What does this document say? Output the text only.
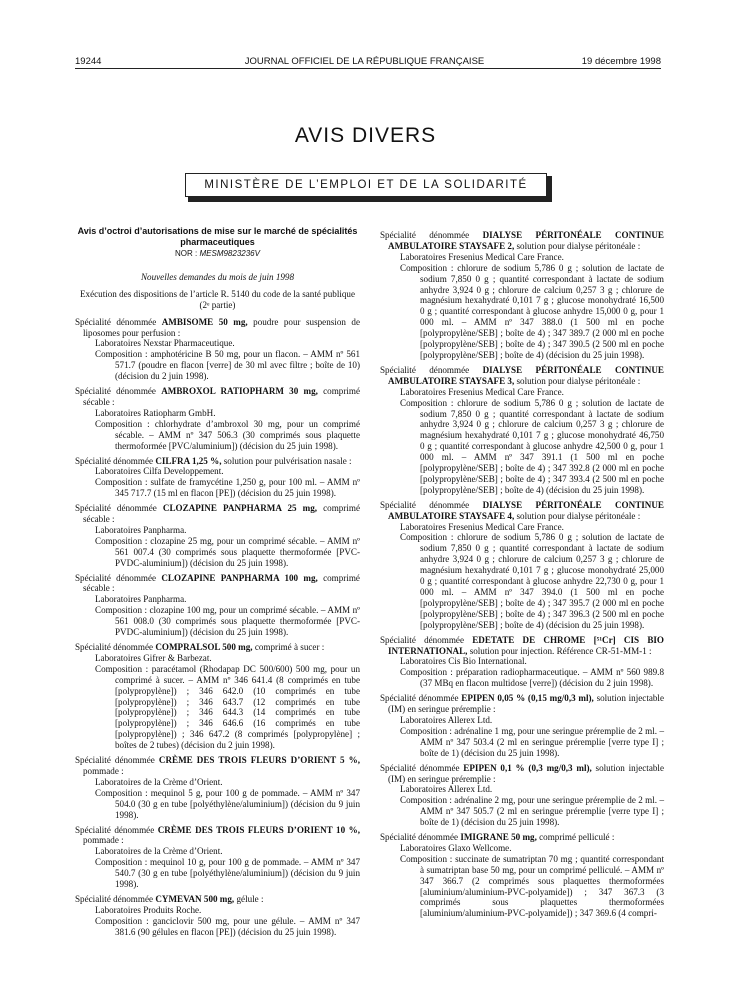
19244	JOURNAL OFFICIEL DE LA RÉPUBLIQUE FRANÇAISE	19 décembre 1998
AVIS DIVERS
MINISTÈRE DE L’EMPLOI ET DE LA SOLIDARITÉ
Avis d’octroi d’autorisations de mise sur le marché de spécialités pharmaceutiques
NOR : MESM9823236V
Nouvelles demandes du mois de juin 1998
Exécution des dispositions de l’article R. 5140 du code de la santé publique (2ᵉ partie)

Spécialité dénommée AMBISOME 50 mg, poudre pour suspension de liposomes pour perfusion :

Laboratoires Nexstar Pharmaceutique.

Composition : amphotéricine B 50 mg, pour un flacon. – AMM nº 561 571.7 (poudre en flacon [verre] de 30 ml avec filtre ; boîte de 10) (décision du 2 juin 1998).

Spécialité dénommée AMBROXOL RATIOPHARM 30 mg, comprimé sécable :

Laboratoires Ratiopharm GmbH.

Composition : chlorhydrate d’ambroxol 30 mg, pour un comprimé sécable. – AMM nº 347 506.3 (30 comprimés sous plaquette thermoformée [PVC/aluminium]) (décision du 25 juin 1998).

Spécialité dénommée CILFRA 1,25 %, solution pour pulvérisation nasale :

Laboratoires Cilfa Developpement.

Composition : sulfate de framycétine 1,250 g, pour 100 ml. – AMM nº 345 717.7 (15 ml en flacon [PE]) (décision du 25 juin 1998).

Spécialité dénommée CLOZAPINE PANPHARMA 25 mg, comprimé sécable :

Laboratoires Panpharma.

Composition : clozapine 25 mg, pour un comprimé sécable. – AMM nº 561 007.4 (30 comprimés sous plaquette thermoformée [PVC-PVDC-aluminium]) (décision du 25 juin 1998).

Spécialité dénommée CLOZAPINE PANPHARMA 100 mg, comprimé sécable :

Laboratoires Panpharma.

Composition : clozapine 100 mg, pour un comprimé sécable. – AMM nº 561 008.0 (30 comprimés sous plaquette thermoformée [PVC-PVDC-aluminium]) (décision du 25 juin 1998).

Spécialité dénommée COMPRALSOL 500 mg, comprimé à sucer :

Laboratoires Gifrer & Barbezat.

Composition : paracétamol (Rhodapap DC 500/600) 500 mg, pour un comprimé à sucer. – AMM nº 346 641.4 (8 comprimés en tube [polypropylène]) ; 346 642.0 (10 comprimés en tube [polypropylène]) ; 346 643.7 (12 comprimés en tube [polypropylène]) ; 346 644.3 (14 comprimés en tube [polypropylène]) ; 346 646.6 (16 comprimés en tube [polypropylène]) ; 346 647.2 (8 comprimés [polypropylène] ; boîtes de 2 tubes) (décision du 2 juin 1998).

Spécialité dénommée CRÈME DES TROIS FLEURS D’ORIENT 5 %, pommade :

Laboratoires de la Crème d’Orient.

Composition : mequinol 5 g, pour 100 g de pommade. – AMM nº 347 504.0 (30 g en tube [polyéthylène/aluminium]) (décision du 9 juin 1998).

Spécialité dénommée CRÈME DES TROIS FLEURS D’ORIENT 10 %, pommade :

Laboratoires de la Crème d’Orient.

Composition : mequinol 10 g, pour 100 g de pommade. – AMM nº 347 540.7 (30 g en tube [polyéthylène/aluminium]) (décision du 9 juin 1998).

Spécialité dénommée CYMEVAN 500 mg, gélule :

Laboratoires Produits Roche.

Composition : ganciclovir 500 mg, pour une gélule. – AMM nº 347 381.6 (90 gélules en flacon [PE]) (décision du 25 juin 1998).

Spécialité dénommée DIALYSE PÉRITONÉALE CONTINUE AMBULATOIRE STAYSAFE 2, solution pour dialyse péritonéale :

Laboratoires Fresenius Medical Care France.

Composition : chlorure de sodium 5,786 0 g ; solution de lactate de sodium 7,850 0 g ; quantité correspondant à lactate de sodium anhydre 3,924 0 g ; chlorure de calcium 0,257 3 g ; chlorure de magnésium hexahydraté 0,101 7 g ; glucose monohydraté 16,500 0 g ; quantité correspondant à glucose anhydre 15,000 0 g, pour 1 000 ml. – AMM nº 347 388.0 (1 500 ml en poche [polypropylène/SEB] ; boîte de 4) ; 347 389.7 (2 000 ml en poche [polypropylène/SEB] ; boîte de 4) ; 347 390.5 (2 500 ml en poche [polypropylène/SEB] ; boîte de 4) (décision du 25 juin 1998).

Spécialité dénommée DIALYSE PÉRITONÉALE CONTINUE AMBULATOIRE STAYSAFE 3, solution pour dialyse péritonéale :

Laboratoires Fresenius Medical Care France.

Composition : chlorure de sodium 5,786 0 g ; solution de lactate de sodium 7,850 0 g ; quantité correspondant à lactate de sodium anhydre 3,924 0 g ; chlorure de calcium 0,257 3 g ; chlorure de magnésium hexahydraté 0,101 7 g ; glucose monohydraté 46,750 0 g ; quantité correspondant à glucose anhydre 42,500 0 g, pour 1 000 ml. – AMM nº 347 391.1 (1 500 ml en poche [polypropylène/SEB] ; boîte de 4) ; 347 392.8 (2 000 ml en poche [polypropylène/SEB] ; boîte de 4) ; 347 393.4 (2 500 ml en poche [polypropylène/SEB] ; boîte de 4) (décision du 25 juin 1998).

Spécialité dénommée DIALYSE PÉRITONÉALE CONTINUE AMBULATOIRE STAYSAFE 4, solution pour dialyse péritonéale :

Laboratoires Fresenius Medical Care France.

Composition : chlorure de sodium 5,786 0 g ; solution de lactate de sodium 7,850 0 g ; quantité correspondant à lactate de sodium anhydre 3,924 0 g ; chlorure de calcium 0,257 3 g ; chlorure de magnésium hexahydraté 0,101 7 g ; glucose monohydraté 25,000 0 g ; quantité correspondant à glucose anhydre 22,730 0 g, pour 1 000 ml. – AMM nº 347 394.0 (1 500 ml en poche [polypropylène/SEB] ; boîte de 4) ; 347 395.7 (2 000 ml en poche [polypropylène/SEB] ; boîte de 4) ; 347 396.3 (2 500 ml en poche [polypropylène/SEB] ; boîte de 4) (décision du 25 juin 1998).

Spécialité dénommée EDETATE DE CHROME [⁵¹Cr] CIS BIO INTERNATIONAL, solution pour injection. Référence CR-51-MM-1 :

Laboratoires Cis Bio International.

Composition : préparation radiopharmaceutique. – AMM nº 560 989.8 (37 MBq en flacon multidose [verre]) (décision du 2 juin 1998).

Spécialité dénommée EPIPEN 0,05 % (0,15 mg/0,3 ml), solution injectable (IM) en seringue préremplie :

Laboratoires Allerex Ltd.

Composition : adrénaline 1 mg, pour une seringue préremplie de 2 ml. – AMM nº 347 503.4 (2 ml en seringue préremplie [verre type I] ; boîte de 1) (décision du 25 juin 1998).

Spécialité dénommée EPIPEN 0,1 % (0,3 mg/0,3 ml), solution injectable (IM) en seringue préremplie :

Laboratoires Allerex Ltd.

Composition : adrénaline 2 mg, pour une seringue préremplie de 2 ml. – AMM nº 347 505.7 (2 ml en seringue préremplie [verre type I] ; boîte de 1) (décision du 25 juin 1998).

Spécialité dénommée IMIGRANE 50 mg, comprimé pelliculé :

Laboratoires Glaxo Wellcome.

Composition : succinate de sumatriptan 70 mg ; quantité correspondant à sumatriptan base 50 mg, pour un comprimé pelliculé. – AMM nº 347 366.7 (2 comprimés sous plaquettes thermoformées [aluminium/aluminium-PVC-polyamide]) ; 347 367.3 (3 comprimés sous plaquettes thermoformées [aluminium/aluminium-PVC-polyamide]) ; 347 369.6 (4 compri-
